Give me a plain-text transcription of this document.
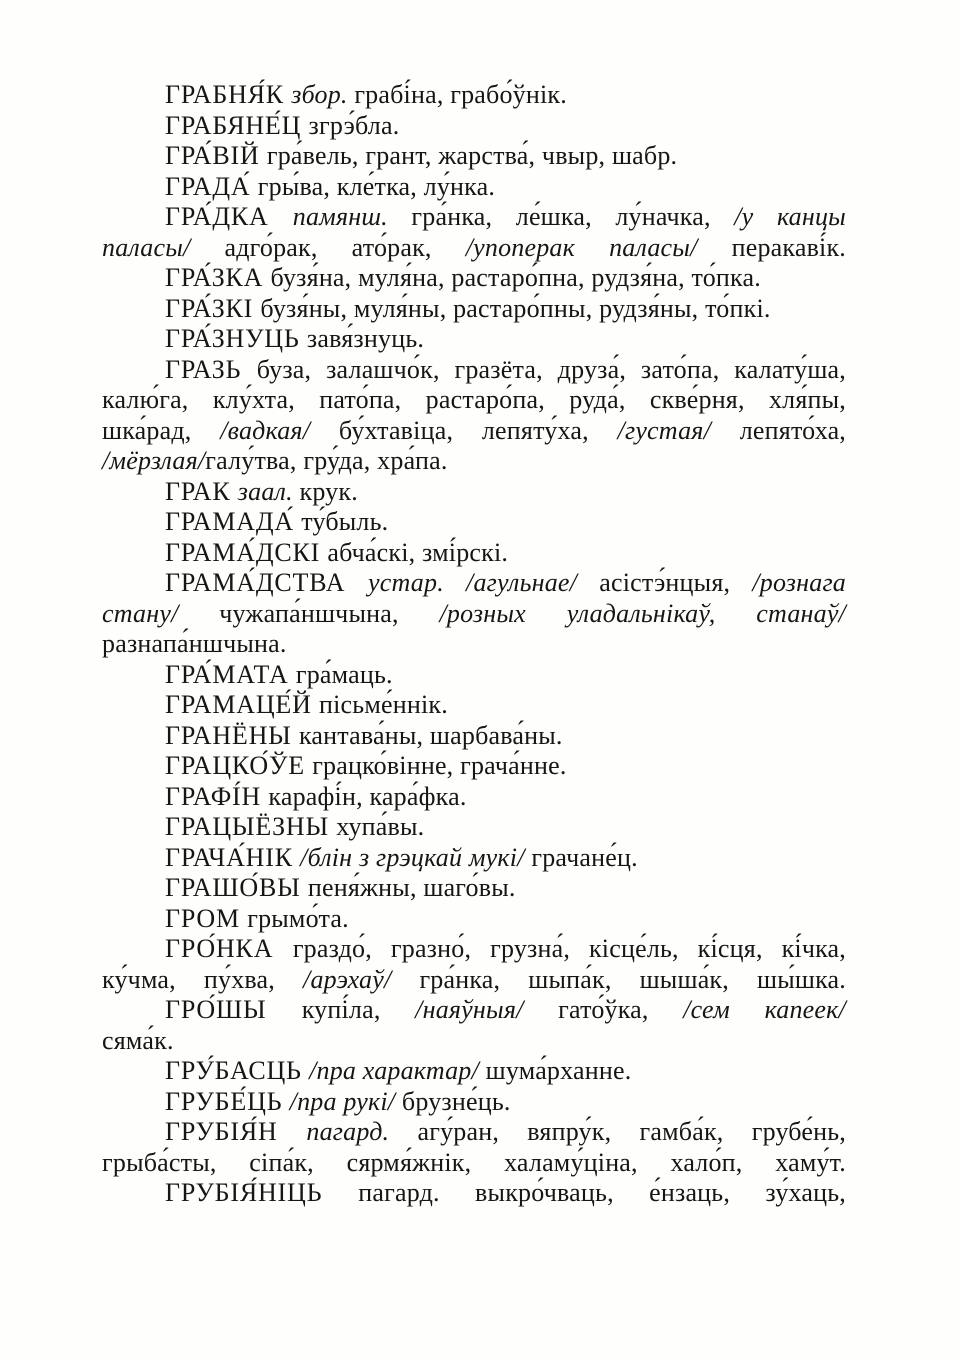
ГРАБНЯ́К збор. грабі́на, грабо́ўнік.

ГРАБЯНЕ́Ц згрэ́бла.

ГРА́ВІЙ гра́вель, грант, жарства́, чвыр, шабр.

ГРАДА́ гры́ва, кле́тка, лу́нка.

ГРА́ДКА памянш. гра́нка, ле́шка, лу́начка, /у канцы
паласы/ адго́рак, ато́рак, /упоперак паласы/ перакаві́к.

ГРА́ЗКА бузя́на, муля́на, растаро́пна, рудзя́на, то́пка.

ГРА́ЗКІ бузя́ны, муля́ны, растаро́пны, рудзя́ны, то́пкі.

ГРА́ЗНУЦЬ завя́знуць.

ГРАЗЬ буза, залашчо́к, гразёта, друза́, зато́па, калату́ша,
калю́га, клу́хта, пато́па, растаро́па, руда́, скве́рня, хля́пы,
шка́рад, /вадкая/ бу́хтавіца, лепяту́ха, /густая/ лепято́ха,
/мёрзлая/галу́тва, гру́да, хра́па.

ГРАК заал. крук.

ГРАМАДА́ ту́быль.

ГРАМА́ДСКІ абча́скі, змі́рскі.

ГРАМА́ДСТВА устар. /агульнае/ асістэ́нцыя, /рознага
стану/ чужапа́ншчына, /розных уладальнікаў, станаў/
разнапа́ншчына.

ГРА́МАТА гра́маць.

ГРАМАЦЕ́Й пісьме́ннік.

ГРАНЁНЫ кантава́ны, шарбава́ны.

ГРАЦКО́ЎЕ грацко́вінне, грача́нне.

ГРАФІ́Н карафі́н, кара́фка.

ГРАЦЫЁЗНЫ хупа́вы.

ГРАЧА́НІК /блін з грэцкай мукі/ грачане́ц.

ГРАШО́ВЫ пеня́жны, шаго́вы.

ГРОМ грымо́та.

ГРО́НКА граздо́, гразно́, грузна́, кісце́ль, кі́сця, кі́чка,
ку́чма, пу́хва, /арэхаў/ гра́нка, шыпа́к, шыша́к, шы́шка.

ГРО́ШЫ купі́ла, /наяўныя/ гато́ўка, /сем капеек/
сяма́к.

ГРУ́БАСЦЬ /пра характар/ шума́рханне.

ГРУБЕ́ЦЬ /пра рукі/ брузне́ць.

ГРУБІЯ́Н пагард. агу́ран, вяпру́к, гамба́к, грубе́нь,
грыба́сты, сіпа́к, сярмя́жнік, халаму́ціна, хало́п, хаму́т.

ГРУБІЯ́НІЦЬ пагард. выкро́чваць, е́нзаць, зу́хаць,
